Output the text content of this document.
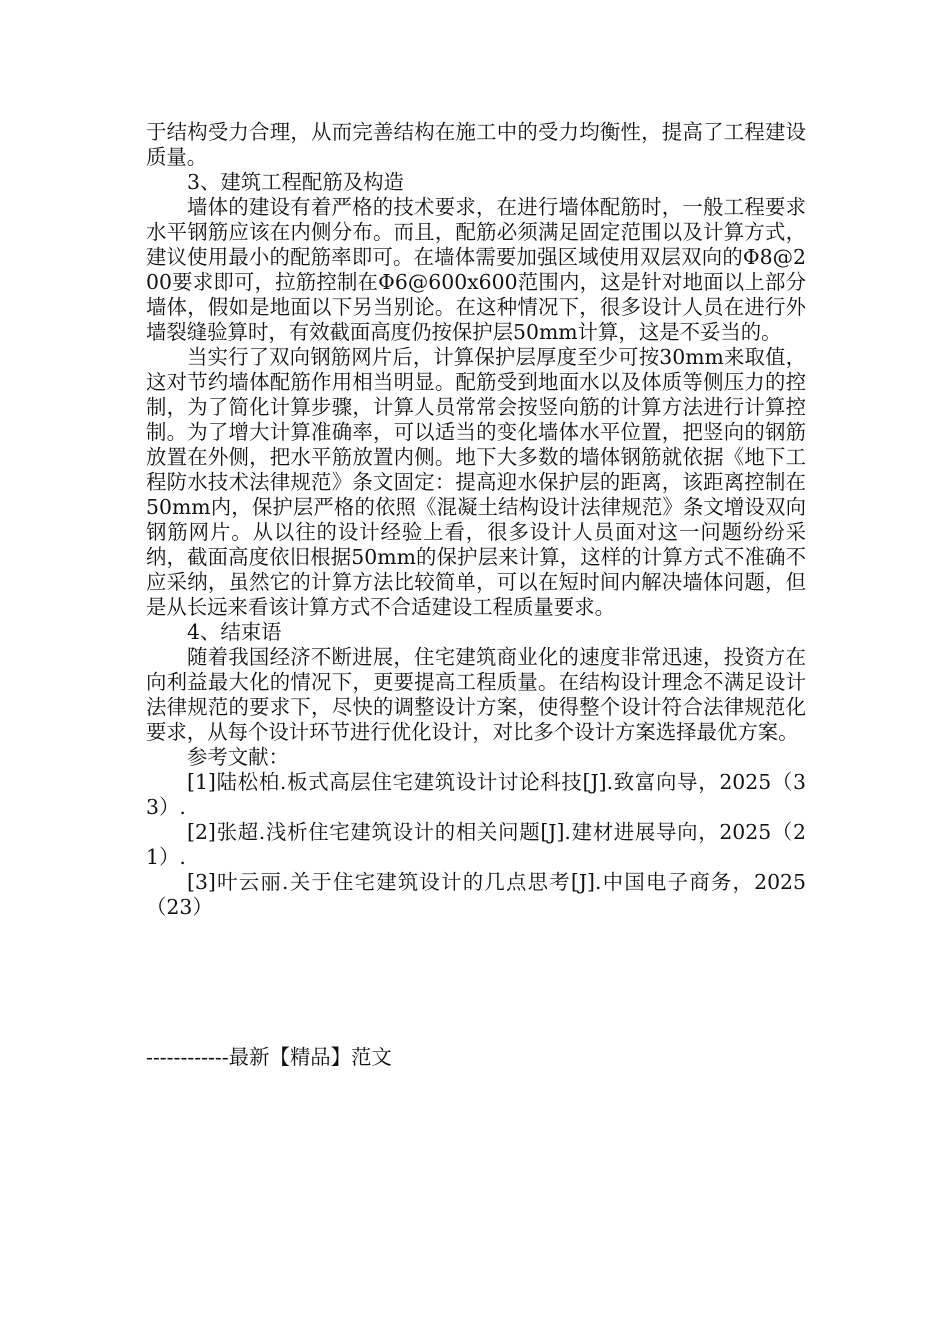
于结构受力合理，从而完善结构在施工中的受力均衡性，提高了工程建设质量。

3、建筑工程配筋及构造

墙体的建设有着严格的技术要求，在进行墙体配筋时，一般工程要求水平钢筋应该在内侧分布。而且，配筋必须满足固定范围以及计算方式，建议使用最小的配筋率即可。在墙体需要加强区域使用双层双向的Φ8@200要求即可，拉筋控制在Φ6@600x600范围内，这是针对地面以上部分墙体，假如是地面以下另当别论。在这种情况下，很多设计人员在进行外墙裂缝验算时，有效截面高度仍按保护层50mm计算，这是不妥当的。

当实行了双向钢筋网片后，计算保护层厚度至少可按30mm来取值，这对节约墙体配筋作用相当明显。配筋受到地面水以及体质等侧压力的控制，为了简化计算步骤，计算人员常常会按竖向筋的计算方法进行计算控制。为了增大计算准确率，可以适当的变化墙体水平位置，把竖向的钢筋放置在外侧，把水平筋放置内侧。地下大多数的墙体钢筋就依据《地下工程防水技术法律规范》条文固定：提高迎水保护层的距离，该距离控制在50mm内，保护层严格的依照《混凝土结构设计法律规范》条文增设双向钢筋网片。从以往的设计经验上看，很多设计人员面对这一问题纷纷采纳，截面高度依旧根据50mm的保护层来计算，这样的计算方式不准确不应采纳，虽然它的计算方法比较简单，可以在短时间内解决墙体问题，但是从长远来看该计算方式不合适建设工程质量要求。

4、结束语

随着我国经济不断进展，住宅建筑商业化的速度非常迅速，投资方在向利益最大化的情况下，更要提高工程质量。在结构设计理念不满足设计法律规范的要求下，尽快的调整设计方案，使得整个设计符合法律规范化要求，从每个设计环节进行优化设计，对比多个设计方案选择最优方案。

参考文献：

[1]陆松柏.板式高层住宅建筑设计讨论科技[J].致富向导，2025（33）.

[2]张超.浅析住宅建筑设计的相关问题[J].建材进展导向，2025（21）.

[3]叶云丽.关于住宅建筑设计的几点思考[J].中国电子商务，2025（23）

------------最新【精品】范文
